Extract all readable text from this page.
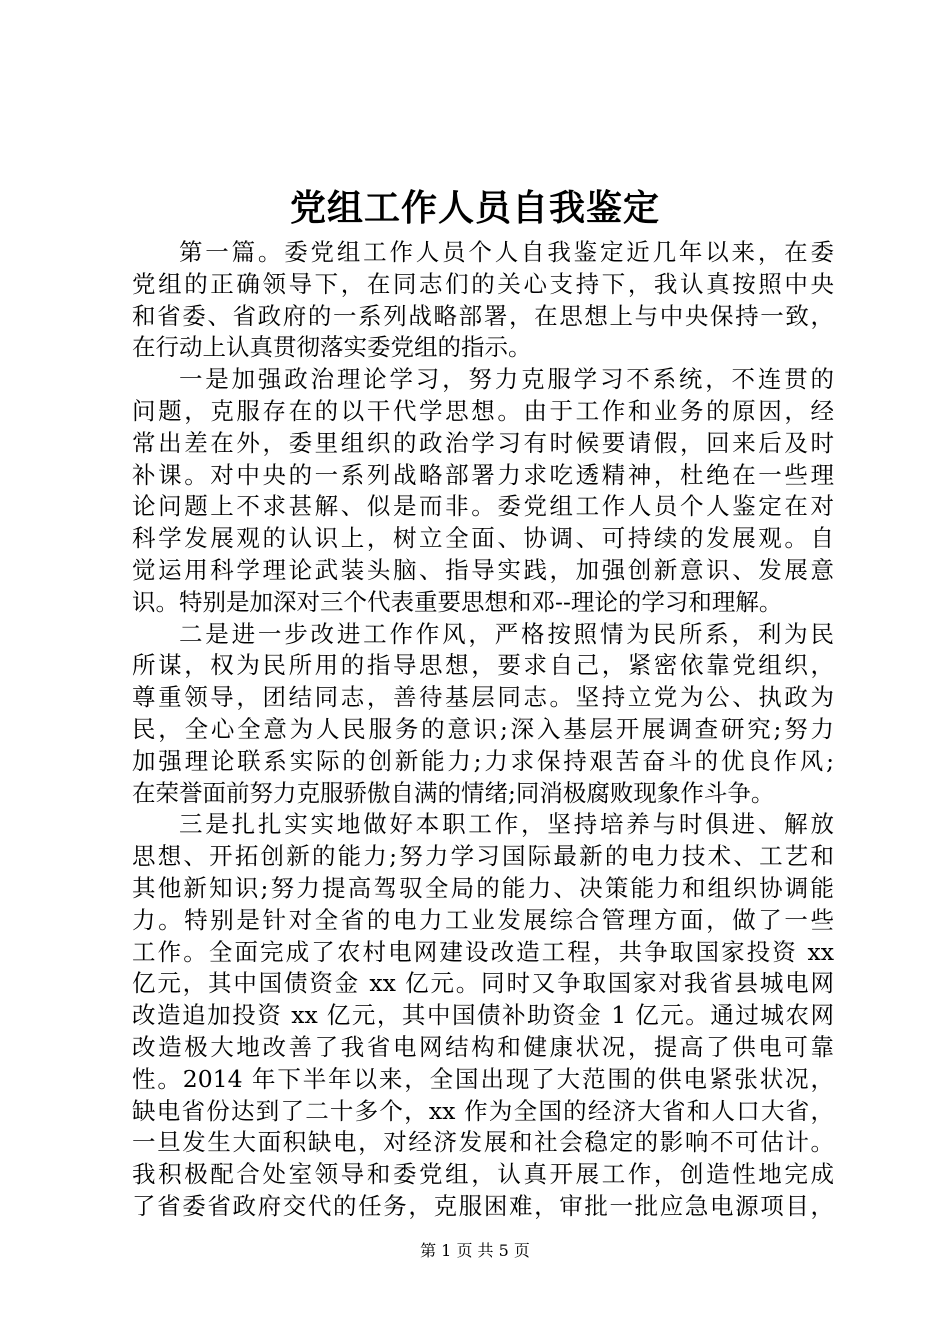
党组工作人员自我鉴定
第一篇。委党组工作人员个人自我鉴定近几年以来，在委
党组的正确领导下，在同志们的关心支持下，我认真按照中央
和省委、省政府的一系列战略部署，在思想上与中央保持一致，
在行动上认真贯彻落实委党组的指示。
一是加强政治理论学习，努力克服学习不系统，不连贯的
问题，克服存在的以干代学思想。由于工作和业务的原因，经
常出差在外，委里组织的政治学习有时候要请假，回来后及时
补课。对中央的一系列战略部署力求吃透精神，杜绝在一些理
论问题上不求甚解、似是而非。委党组工作人员个人鉴定在对
科学发展观的认识上，树立全面、协调、可持续的发展观。自
觉运用科学理论武装头脑、指导实践，加强创新意识、发展意
识。特别是加深对三个代表重要思想和邓--理论的学习和理解。
二是进一步改进工作作风，严格按照情为民所系，利为民
所谋，权为民所用的指导思想，要求自己，紧密依靠党组织，
尊重领导，团结同志，善待基层同志。坚持立党为公、执政为
民，全心全意为人民服务的意识;深入基层开展调查研究;努力
加强理论联系实际的创新能力;力求保持艰苦奋斗的优良作风;
在荣誉面前努力克服骄傲自满的情绪;同消极腐败现象作斗争。
三是扎扎实实地做好本职工作，坚持培养与时俱进、解放
思想、开拓创新的能力;努力学习国际最新的电力技术、工艺和
其他新知识;努力提高驾驭全局的能力、决策能力和组织协调能
力。特别是针对全省的电力工业发展综合管理方面，做了一些
工作。全面完成了农村电网建设改造工程，共争取国家投资 xx
亿元，其中国债资金 xx 亿元。同时又争取国家对我省县城电网
改造追加投资 xx 亿元，其中国债补助资金 1 亿元。通过城农网
改造极大地改善了我省电网结构和健康状况，提高了供电可靠
性。2014 年下半年以来，全国出现了大范围的供电紧张状况，
缺电省份达到了二十多个，xx 作为全国的经济大省和人口大省，
一旦发生大面积缺电，对经济发展和社会稳定的影响不可估计。
我积极配合处室领导和委党组，认真开展工作，创造性地完成
了省委省政府交代的任务，克服困难，审批一批应急电源项目，
第 1 页 共 5 页
